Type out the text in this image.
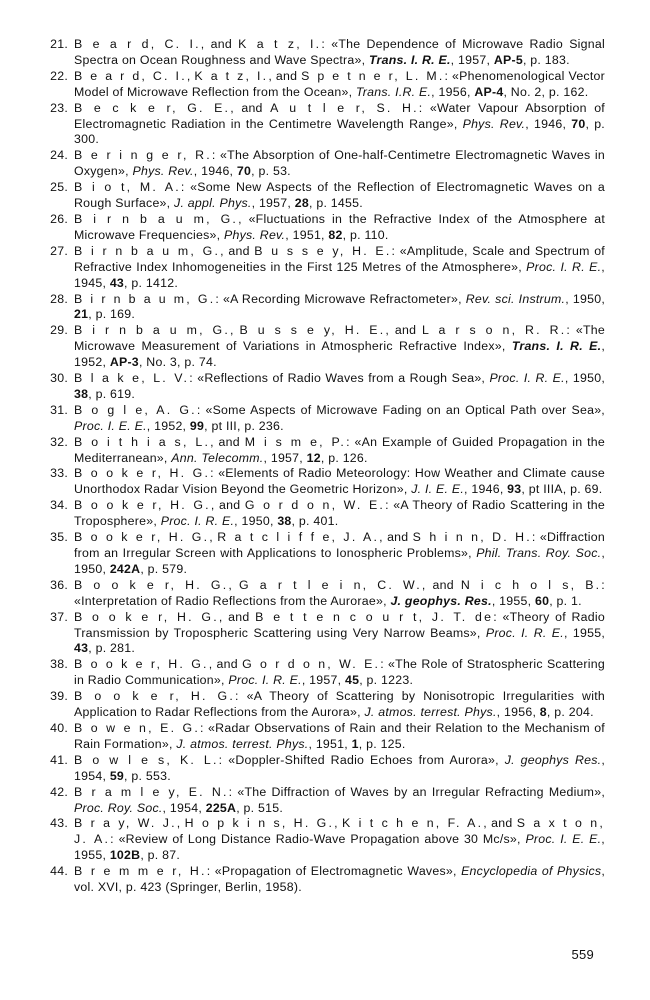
21. B e a r d, C. I., and K a t z, I.: «The Dependence of Microwave Radio Signal Spectra on Ocean Roughness and Wave Spectra», Trans. I. R. E., 1957, AP-5, p. 183.
22. B e a r d, C. I., K a t z, I., and S p e t n e r, L. M.: «Phenomenological Vector Model of Microwave Reflection from the Ocean», Trans. I.R. E., 1956, AP-4, No. 2, p. 162.
23. B e c k e r, G. E., and A u t l e r, S. H.: «Water Vapour Absorption of Electromagnetic Radiation in the Centimetre Wavelength Range», Phys. Rev., 1946, 70, p. 300.
24. B e r i n g e r, R.: «The Absorption of One-half-Centimetre Electromagnetic Waves in Oxygen», Phys. Rev., 1946, 70, p. 53.
25. B i o t, M. A.: «Some New Aspects of the Reflection of Electromagnetic Waves on a Rough Surface», J. appl. Phys., 1957, 28, p. 1455.
26. B i r n b a u m, G., «Fluctuations in the Refractive Index of the Atmosphere at Microwave Frequencies», Phys. Rev., 1951, 82, p. 110.
27. B i r n b a u m, G., and B u s s e y, H. E.: «Amplitude, Scale and Spectrum of Refractive Index Inhomogeneities in the First 125 Metres of the Atmosphere», Proc. I. R. E., 1945, 43, p. 1412.
28. B i r n b a u m, G.: «A Recording Microwave Refractometer», Rev. sci. Instrum., 1950, 21, p. 169.
29. B i r n b a u m, G., B u s s e y, H. E., and L a r s o n, R. R.: «The Microwave Measurement of Variations in Atmospheric Refractive Index», Trans. I. R. E., 1952, AP-3, No. 3, p. 74.
30. B l a k e, L. V.: «Reflections of Radio Waves from a Rough Sea», Proc. I. R. E., 1950, 38, p. 619.
31. B o g l e, A. G.: «Some Aspects of Microwave Fading on an Optical Path over Sea», Proc. I. E. E., 1952, 99, pt III, p. 236.
32. B o i t h i a s, L., and M i s m e, P.: «An Example of Guided Propagation in the Mediterranean», Ann. Telecomm., 1957, 12, p. 126.
33. B o o k e r, H. G.: «Elements of Radio Meteorology: How Weather and Climate cause Unorthodox Radar Vision Beyond the Geometric Horizon», J. I. E. E., 1946, 93, pt IIIA, p. 69.
34. B o o k e r, H. G., and G o r d o n, W. E.: «A Theory of Radio Scattering in the Troposphere», Proc. I. R. E., 1950, 38, p. 401.
35. B o o k e r, H. G., R a t c l i f f e, J. A., and S h i n n, D. H.: «Diffraction from an Irregular Screen with Applications to Ionospheric Problems», Phil. Trans. Roy. Soc., 1950, 242A, p. 579.
36. B o o k e r, H. G., G a r t l e i n, C. W., and N i c h o l s, B.: «Interpretation of Radio Reflections from the Aurorae», J. geophys. Res., 1955, 60, p. 1.
37. B o o k e r, H. G., and B e t t e n c o u r t, J. T. de: «Theory of Radio Transmission by Tropospheric Scattering using Very Narrow Beams», Proc. I. R. E., 1955, 43, p. 281.
38. B o o k e r, H. G., and G o r d o n, W. E.: «The Role of Stratospheric Scattering in Radio Communication», Proc. I. R. E., 1957, 45, p. 1223.
39. B o o k e r, H. G.: «A Theory of Scattering by Nonisotropic Irregularities with Application to Radar Reflections from the Aurora», J. atmos. terrest. Phys., 1956, 8, p. 204.
40. B o w e n, E. G.: «Radar Observations of Rain and their Relation to the Mechanism of Rain Formation», J. atmos. terrest. Phys., 1951, 1, p. 125.
41. B o w l e s, K. L.: «Doppler-Shifted Radio Echoes from Aurora», J. geophys Res., 1954, 59, p. 553.
42. B r a m l e y, E. N.: «The Diffraction of Waves by an Irregular Refracting Medium», Proc. Roy. Soc., 1954, 225A, p. 515.
43. B r a y, W. J., H o p k i n s, H. G., K i t c h e n, F. A., and S a x t o n, J. A.: «Review of Long Distance Radio-Wave Propagation above 30 Mc/s», Proc. I. E. E., 1955, 102B, p. 87.
44. B r e m m e r, H.: «Propagation of Electromagnetic Waves», Encyclopedia of Physics, vol. XVI, p. 423 (Springer, Berlin, 1958).
559
